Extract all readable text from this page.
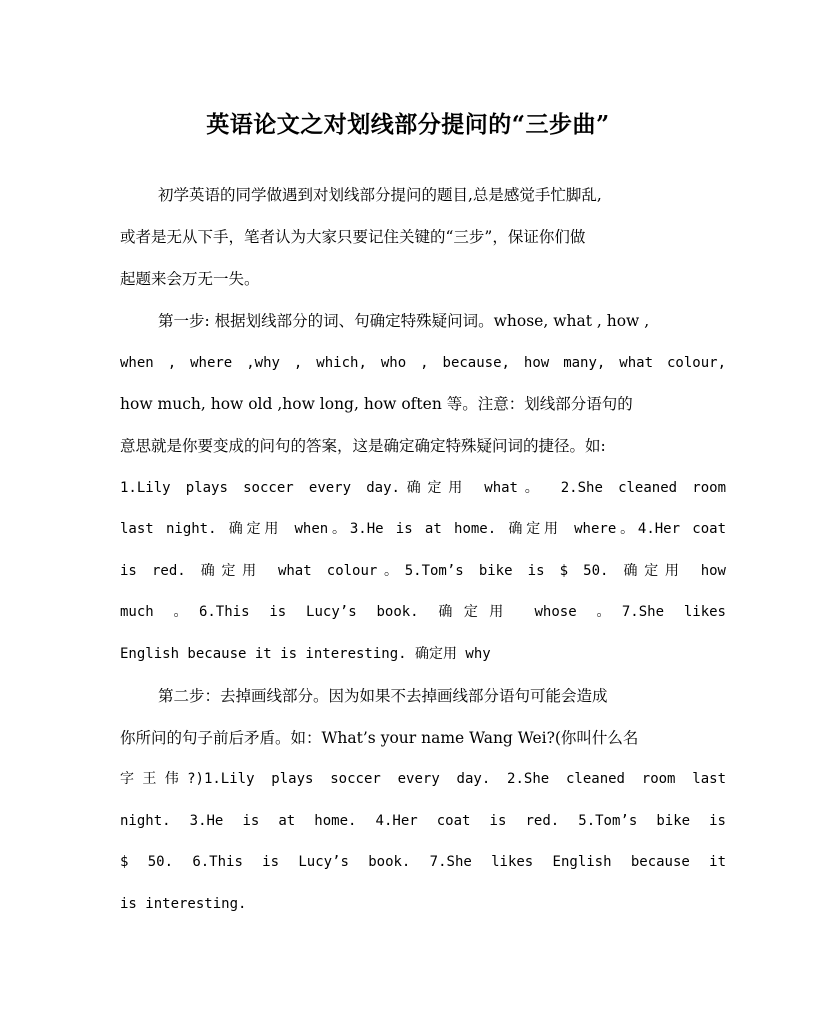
英语论文之对划线部分提问的“三步曲”
初学英语的同学做遇到对划线部分提问的题目,总是感觉手忙脚乱,
或者是无从下手，笔者认为大家只要记住关键的“三步”，保证你们做
起题来会万无一失。
第一步: 根据划线部分的词、句确定特殊疑问词。whose, what , how ,
when , where ,why , which, who , because, how many, what colour,
how much, how old ,how long, how often 等。注意：划线部分语句的
意思就是你要变成的问句的答案，这是确定确定特殊疑问词的捷径。如:
1.Lily plays soccer every day.确定用 what。 2.She cleaned room
last night. 确定用 when。3.He is at home. 确定用 where。4.Her coat
is red. 确定用 what colour。5.Tom’s bike is $ 50. 确定用 how
much 。6.This is Lucy’s book. 确定用 whose 。7.She likes
English because it is interesting. 确定用 why
第二步：去掉画线部分。因为如果不去掉画线部分语句可能会造成
你所问的句子前后矛盾。如：What’s your name Wang Wei?(你叫什么名
字王伟?)1.Lily plays soccer every day. 2.She cleaned room last
night. 3.He is at home. 4.Her coat is red. 5.Tom’s bike is
$ 50. 6.This is Lucy’s book. 7.She likes English because it
is interesting.
